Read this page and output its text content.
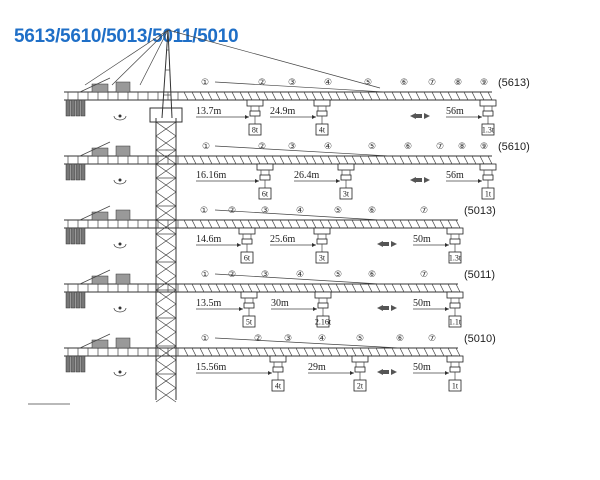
5613/5610/5013/5011/5010
①	② ③	④	⑤	⑥ ⑦ ⑧ ⑨ (5613)
8t
13.7m
4t
24.9m
1.3t
56m
①	② ③	④	⑤	⑥	⑦ ⑧ ⑨ (5610)
6t
16.16m
3t
26.4m
1t
56m
① ②	③	④	⑤	⑥	⑦	(5013)
6t
14.6m
3t
25.6m
1.3t
50m
① ②	③	④	⑤	⑥	⑦	(5011)
5t
13.5m
2.16t
30m
1.1t
50m
①	② ③	④	⑤	⑥	⑦	(5010)
4t
15.56m
2t
29m
1t
50m
